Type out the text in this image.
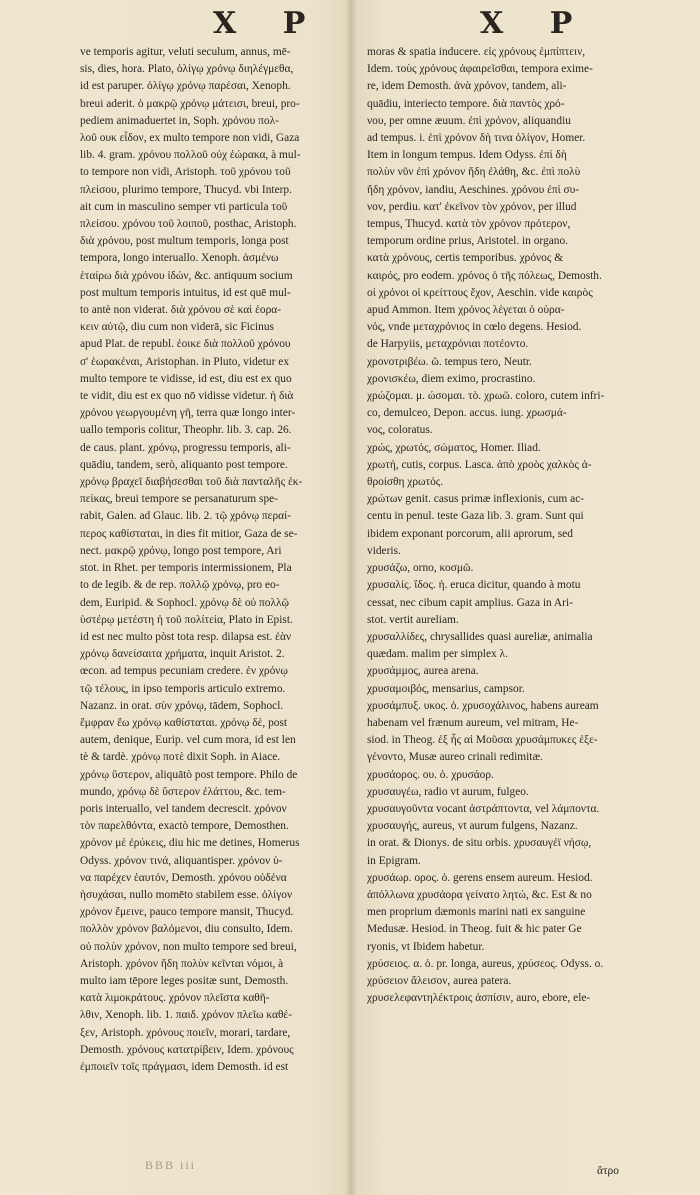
X P	X P
ve temporis agitur, veluti seculum, annus, mē-
sis, dies, hora. Plato, ὀλίγῳ χρόνῳ διηλέγμεθα,
id est paruper. ὀλίγῳ χρόνῳ παρέσαι, Xenoph.
breui aderit. ὁ μακρῷ χρόνῳ μάτεισι, breui, pro-
pediem animaduertet in, Soph. χρόνου πολ-
λοῦ ουκ εἶδον, ex multo tempore non vidi, Gaza
lib. 4. gram. χρόνου πολλοῦ οὐχ ἑώρακα, à mul-
to tempore non vidi, Aristoph. τοῦ χρόνου τοῦ
πλείσου, plurimo tempore, Thucyd. vbi Interp.
ait cum in masculino semper vti particula τοῦ
πλείσου. χρόνου τοῦ λοιποῦ, posthac, Aristoph.
διὰ χρόνου, post multum temporis, longa post
tempora, longo interuallo. Xenoph. ἀσμένω
ἑταίρω διὰ χρόνου ἰδών, &c. antiquum socium
post multum temporis intuitus, id est quē mul-
to antè non viderat. διὰ χρόνου σὲ καὶ ἑορα-
κειν αὐτῷ, diu cum non viderā, sic Ficinus
apud Plat. de republ. ἐοικε διὰ πολλοῦ χρόνου
σ' ἑωρακέναι, Aristophan. in Pluto, videtur ex
multo tempore te vidisse, id est, diu est ex quo
te vidit, diu est ex quo nō vidisse videtur. ἡ διὰ
χρόνου γεωργουμένη γῆ, terra quæ longo inter-
uallo temporis colitur, Theophr. lib. 3. cap. 26.
de caus. plant. χρόνῳ, progressu temporis, ali-
quādiu, tandem, serò, aliquanto post tempore.
χρόνῳ βραχεῖ διαβήσεσθαι τοῦ διὰ πανταλῆς ἐκ-
πείκας, breui tempore se persanaturum spe-
rabit, Galen. ad Glauc. lib. 2. τῷ χρόνῳ περαί-
περος καθίσταται, in dies fit mitior, Gaza de se-
nect. μακρῷ χρόνῳ, longo post tempore, Ari
stot. in Rhet. per temporis intermissionem, Pla
to de legib. & de rep. πολλῷ χρόνῳ, pro eo-
dem, Euripid. & Sophocl. χρόνῳ δὲ οὐ πολλῷ
ὑστέρῳ μετέστη ἡ τοῦ πολίτεία, Plato in Epist.
id est nec multo pòst tota resp. dilapsa est. ἐὰν
χρόνῳ δανείσαιτα χρήματα, inquit Aristot. 2.
œcon. ad tempus pecuniam credere. ἐν χρόνῳ
τῷ τέλους, in ipso temporis articulo extremo.
Nazanz. in orat. σὺν χρόνῳ, tādem, Sophocl.
ἔμφραν ἕω χρόνῳ καθίσταται. χρόνῳ δὲ, post
autem, denique, Eurip. vel cum mora, id est len
tè & tardè. χρόνῳ ποτὲ dixit Soph. in Aiace.
χρόνῳ ὕστερον, aliquātò post tempore. Philo de
mundo, χρόνῳ δὲ ὕστερον ἐλάττου, &c. tem-
poris interuallo, vel tandem decrescit. χρόνον
τὸν παρελθόντα, exactò tempore, Demosthen.
χρόνον μὲ ἐρύκεις, diu hic me detines, Homerus
Odyss. χρόνον τινά, aliquantisper. χρόνον ὑ-
να παρέχεν ἑαυτόν, Demosth. χρόνου οὐδένα
ἡσυχάσαι, nullo momēto stabilem esse. ὀλίγον
χρόνον ἔμεινε, pauco tempore mansit, Thucyd.
πολλὸν χρόνον βαλόμενοι, diu consulto, Idem.
οὐ πολὺν χρόνον, non multo tempore sed breui,
Aristoph. χρόνον ἤδη πολὺν κεῖνται νόμοι, à
multo iam tēpore leges positæ sunt, Demosth.
κατὰ λιμοκράτους. χρόνον πλεῖστα καθῆ-
λθιν, Xenoph. lib. 1. παιδ. χρόνον πλεῖω καθέ-
ξεν, Aristoph. χρόνους ποιεῖν, morari, tardare,
Demosth. χρόνους κατατρίβειν, Idem. χρόνους
ἐμποιεῖν τοῖς πράγμασι, idem Demosth. id est
moras & spatia inducere. εἰς χρόνους ἐμπίπτειν,
Idem. τοὺς χρόνους ἀφαιρεῖσθαι, tempora exime-
re, idem Demosth. ἀνὰ χρόνον, tandem, ali-
quādiu, interiecto tempore. διὰ παντὸς χρό-
νου, per omne æuum. ἐπὶ χρόνον, aliquandiu
ad tempus. i. ἐπὶ χρόνον δὴ τινα ὀλίγον, Homer.
Item in longum tempus. Idem Odyss. ἐπὶ δὴ
πολὺν νῦν ἐπὶ χρόνον ἤδη ἐλάθη, &c. ἐπὶ πολὺ
ἤδη χρόνον, iandiu, Aeschines. χρόνου ἐπὶ συ-
νον, perdiu. κατ' ἐκεῖνον τὸν χρόνον, per illud
tempus, Thucyd. κατὰ τὸν χρόνον πρότερον,
temporum ordine prius, Aristotel. in organo.
κατὰ χρόνους, certis temporibus. χρόνος &
καιρός, pro eodem. χρόνος ὁ τῆς πόλεως, Demosth.
οἱ χρόνοι οἱ κρείττους ἔχον, Aeschin. vide καιρὸς
apud Ammon. Item χρόνος λέγεται ὁ οὐρα-
νός, vnde μεταχρόνιος in cœlo degens. Hesiod.
de Harpyiis, μεταχρόνιαι ποτέοντο.
χρονοτριβέω. ῶ. tempus tero, Neutr.
χρονισκέω, diem eximo, procrastino.
χρώζομαι. μ. ώσομαι. τὸ. χρωῶ. coloro, cutem infri-
co, demulceo, Depon. accus. iung. χρωσμά-
νος, coloratus.
χρώς, χρωτός, σώματος, Homer. Iliad.
χρωτή, cutis, corpus. Lasca. ἀπὸ χροὸς χαλκὸς ἀ-
θροίσθη χρωτός.
χρώτων genit. casus primæ inflexionis, cum ac-
centu in penul. teste Gaza lib. 3. gram. Sunt qui
ibidem exponant porcorum, alii aprorum, sed
videris.
χρυσάζω, orno, κοσμῶ.
χρυσαλίς. ἴδος. ἡ. eruca dicitur, quando à motu
cessat, nec cibum capit amplius. Gaza in Ari-
stot. vertit aureliam.
χρυσαλλίδες, chrysallides quasi aureliæ, animalia
quædam. malim per simplex λ.
χρυσάμμος, aurea arena.
χρυσαμοιβός, mensarius, campsor.
χρυσάμπυξ. υκος. ὁ. χρυσοχάλινος, habens auream
habenam vel frænum aureum, vel mitram, He-
siod. in Theog. ἐξ ἧς αἱ Μοῦσαι χρυσάμπυκες ἐξε-
γένοντο, Musæ aureo crinali redimitæ.
χρυσάορος. ου. ὁ. χρυσάορ.
χρυσαυγέω, radio vt aurum, fulgeo.
χρυσαυγοῦντα vocant ἀστράπτοντα, vel λάμποντα.
χρυσαυγής, aureus, vt aurum fulgens, Nazanz.
in orat. & Dionys. de situ orbis. χρυσαυγέϊ νήσῳ,
in Epigram.
χρυσάωρ. ορος. ὁ. gerens ensem aureum. Hesiod.
ἀπόλλωνα χρυσάορα γείνατο λητώ, &c. Est & no
men proprium dæmonis marini nati ex sanguine
Medusæ. Hesiod. in Theog. fuit & hic pater Ge
ryonis, vt Ibidem habetur.
χρύσειος. α. ὁ. pr. longa, aureus, χρύσεος. Odyss. o.
χρύσειον ἄλεισον, aurea patera.
χρυσελεφαντηλέκτροις ἀσπίσιν, auro, ebore, ele-
BBB iii	ἄτρο
